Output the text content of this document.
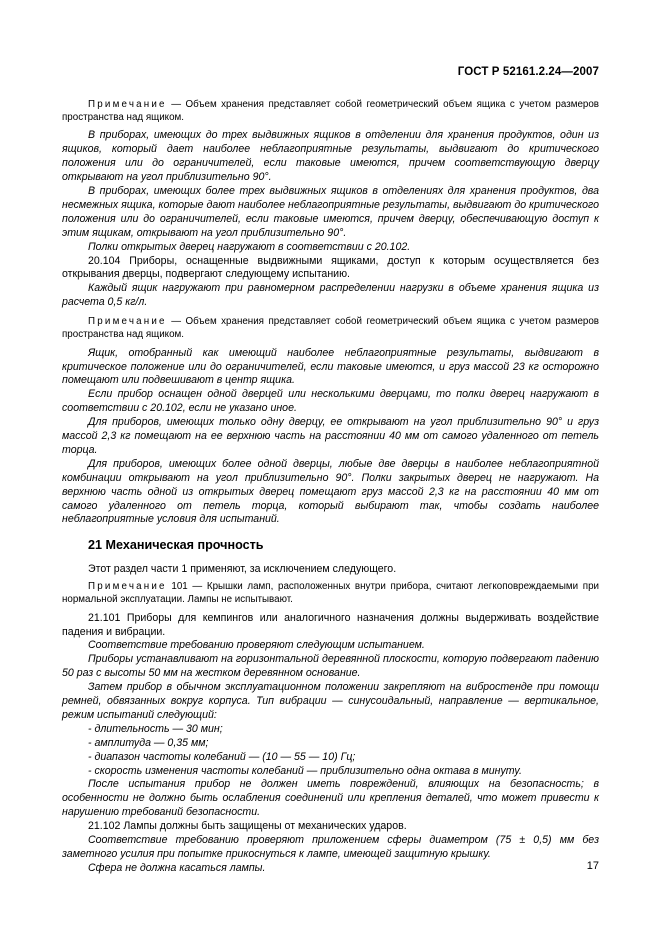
ГОСТ Р 52161.2.24—2007

Примечание — Объем хранения представляет собой геометрический объем ящика с учетом размеров пространства над ящиком.

В приборах, имеющих до трех выдвижных ящиков в отделении для хранения продуктов, один из ящиков, который дает наиболее неблагоприятные результаты, выдвигают до критического положения или до ограничителей, если таковые имеются, причем соответствующую дверцу открывают на угол приблизительно 90°.

В приборах, имеющих более трех выдвижных ящиков в отделениях для хранения продуктов, два несмежных ящика, которые дают наиболее неблагоприятные результаты, выдвигают до критического положения или до ограничителей, если таковые имеются, причем дверцу, обеспечивающую доступ к этим ящикам, открывают на угол приблизительно 90°.

Полки открытых дверец нагружают в соответствии с 20.102.

20.104 Приборы, оснащенные выдвижными ящиками, доступ к которым осуществляется без открывания дверцы, подвергают следующему испытанию.

Каждый ящик нагружают при равномерном распределении нагрузки в объеме хранения ящика из расчета 0,5 кг/л.

Примечание — Объем хранения представляет собой геометрический объем ящика с учетом размеров пространства над ящиком.

Ящик, отобранный как имеющий наиболее неблагоприятные результаты, выдвигают в критическое положение или до ограничителей, если таковые имеются, и груз массой 23 кг осторожно помещают или подвешивают в центр ящика.

Если прибор оснащен одной дверцей или несколькими дверцами, то полки дверец нагружают в соответствии с 20.102, если не указано иное.

Для приборов, имеющих только одну дверцу, ее открывают на угол приблизительно 90° и груз массой 2,3 кг помещают на ее верхнюю часть на расстоянии 40 мм от самого удаленного от петель торца.

Для приборов, имеющих более одной дверцы, любые две дверцы в наиболее неблагоприятной комбинации открывают на угол приблизительно 90°. Полки закрытых дверец не нагружают. На верхнюю часть одной из открытых дверец помещают груз массой 2,3 кг на расстоянии 40 мм от самого удаленного от петель торца, который выбирают так, чтобы создать наиболее неблагоприятные условия для испытаний.

21 Механическая прочность

Этот раздел части 1 применяют, за исключением следующего.

Примечание 101 — Крышки ламп, расположенных внутри прибора, считают легкоповреждаемыми при нормальной эксплуатации. Лампы не испытывают.

21.101 Приборы для кемпингов или аналогичного назначения должны выдерживать воздействие падения и вибрации.

Соответствие требованию проверяют следующим испытанием.

Приборы устанавливают на горизонтальной деревянной плоскости, которую подвергают падению 50 раз с высоты 50 мм на жестком деревянном основание.

Затем прибор в обычном эксплуатационном положении закрепляют на вибростенде при помощи ремней, обвязанных вокруг корпуса. Тип вибрации — синусоидальный, направление — вертикальное, режим испытаний следующий:

- длительность — 30 мин;

- амплитуда — 0,35 мм;

- диапазон частоты колебаний — (10 — 55 — 10) Гц;

- скорость изменения частоты колебаний — приблизительно одна октава в минуту.

После испытания прибор не должен иметь повреждений, влияющих на безопасность; в особенности не должно быть ослабления соединений или крепления деталей, что может привести к нарушению требований безопасности.

21.102 Лампы должны быть защищены от механических ударов.

Соответствие требованию проверяют приложением сферы диаметром (75 ± 0,5) мм без заметного усилия при попытке прикоснуться к лампе, имеющей защитную крышку.

Сфера не должна касаться лампы.	17
